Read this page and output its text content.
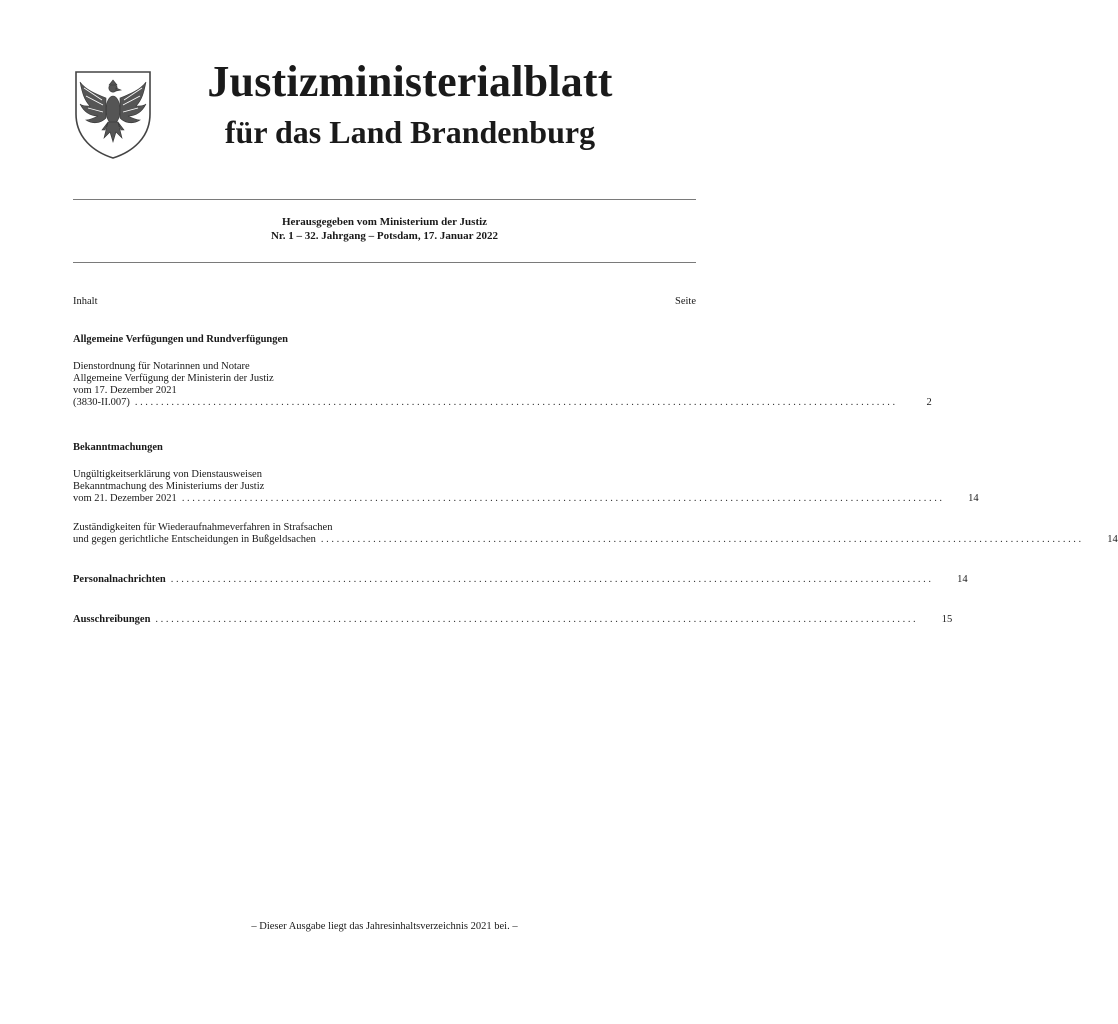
Justizministerialblatt
für das Land Brandenburg
Herausgegeben vom Ministerium der Justiz
Nr. 1 – 32. Jahrgang – Potsdam, 17. Januar 2022
Inhalt	Seite
Allgemeine Verfügungen und Rundverfügungen
Dienstordnung für Notarinnen und Notare
Allgemeine Verfügung der Ministerin der Justiz
vom 17. Dezember 2021
(3830-II.007) ..................................................................................................................................................	2
Bekanntmachungen
Ungültigkeitserklärung von Dienstausweisen
Bekanntmachung des Ministeriums der Justiz
vom 21. Dezember 2021 ..................................................................................................................................................	14
Zuständigkeiten für Wiederaufnahmeverfahren in Strafsachen
und gegen gerichtliche Entscheidungen in Bußgeldsachen ..................................................................................................................................................	14
Personalnachrichten ..................................................................................................................................................	14
Ausschreibungen ..................................................................................................................................................	15
– Dieser Ausgabe liegt das Jahresinhaltsverzeichnis 2021 bei. –
